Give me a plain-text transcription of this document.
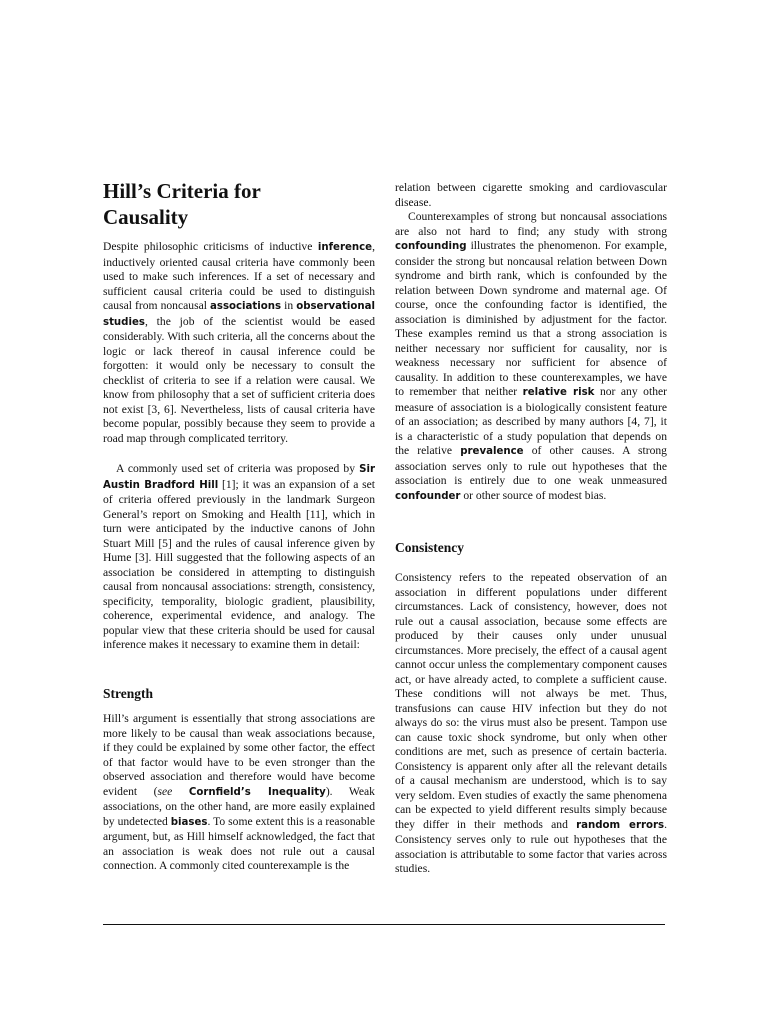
Hill’s Criteria for
Causality

Despite philosophic criticisms of inductive inference, inductively oriented causal criteria have commonly been used to make such inferences. If a set of necessary and sufficient causal criteria could be used to distinguish causal from noncausal associations in observational studies, the job of the scientist would be eased considerably. With such criteria, all the concerns about the logic or lack thereof in causal inference could be forgotten: it would only be necessary to consult the checklist of criteria to see if a relation were causal. We know from philosophy that a set of sufficient criteria does not exist [3, 6]. Nevertheless, lists of causal criteria have become popular, possibly because they seem to provide a road map through complicated territory.

A commonly used set of criteria was proposed by Sir Austin Bradford Hill [1]; it was an expansion of a set of criteria offered previously in the landmark Surgeon General’s report on Smoking and Health [11], which in turn were anticipated by the inductive canons of John Stuart Mill [5] and the rules of causal inference given by Hume [3]. Hill suggested that the following aspects of an association be considered in attempting to distinguish causal from noncausal associations: strength, consistency, specificity, temporality, biologic gradient, plausibility, coherence, experimental evidence, and analogy. The popular view that these criteria should be used for causal inference makes it necessary to examine them in detail:

Strength

Hill’s argument is essentially that strong associations are more likely to be causal than weak associations because, if they could be explained by some other factor, the effect of that factor would have to be even stronger than the observed association and therefore would have become evident (see Cornfield’s Inequality). Weak associations, on the other hand, are more easily explained by undetected biases. To some extent this is a reasonable argument, but, as Hill himself acknowledged, the fact that an association is weak does not rule out a causal connection. A commonly cited counterexample is the

relation between cigarette smoking and cardiovascular disease.

Counterexamples of strong but noncausal associations are also not hard to find; any study with strong confounding illustrates the phenomenon. For example, consider the strong but noncausal relation between Down syndrome and birth rank, which is confounded by the relation between Down syndrome and maternal age. Of course, once the confounding factor is identified, the association is diminished by adjustment for the factor. These examples remind us that a strong association is neither necessary nor sufficient for causality, nor is weakness necessary nor sufficient for absence of causality. In addition to these counterexamples, we have to remember that neither relative risk nor any other measure of association is a biologically consistent feature of an association; as described by many authors [4, 7], it is a characteristic of a study population that depends on the relative prevalence of other causes. A strong association serves only to rule out hypotheses that the association is entirely due to one weak unmeasured confounder or other source of modest bias.

Consistency

Consistency refers to the repeated observation of an association in different populations under different circumstances. Lack of consistency, however, does not rule out a causal association, because some effects are produced by their causes only under unusual circumstances. More precisely, the effect of a causal agent cannot occur unless the complementary component causes act, or have already acted, to complete a sufficient cause. These conditions will not always be met. Thus, transfusions can cause HIV infection but they do not always do so: the virus must also be present. Tampon use can cause toxic shock syndrome, but only when other conditions are met, such as presence of certain bacteria. Consistency is apparent only after all the relevant details of a causal mechanism are understood, which is to say very seldom. Even studies of exactly the same phenomena can be expected to yield different results simply because they differ in their methods and random errors. Consistency serves only to rule out hypotheses that the association is attributable to some factor that varies across studies.
